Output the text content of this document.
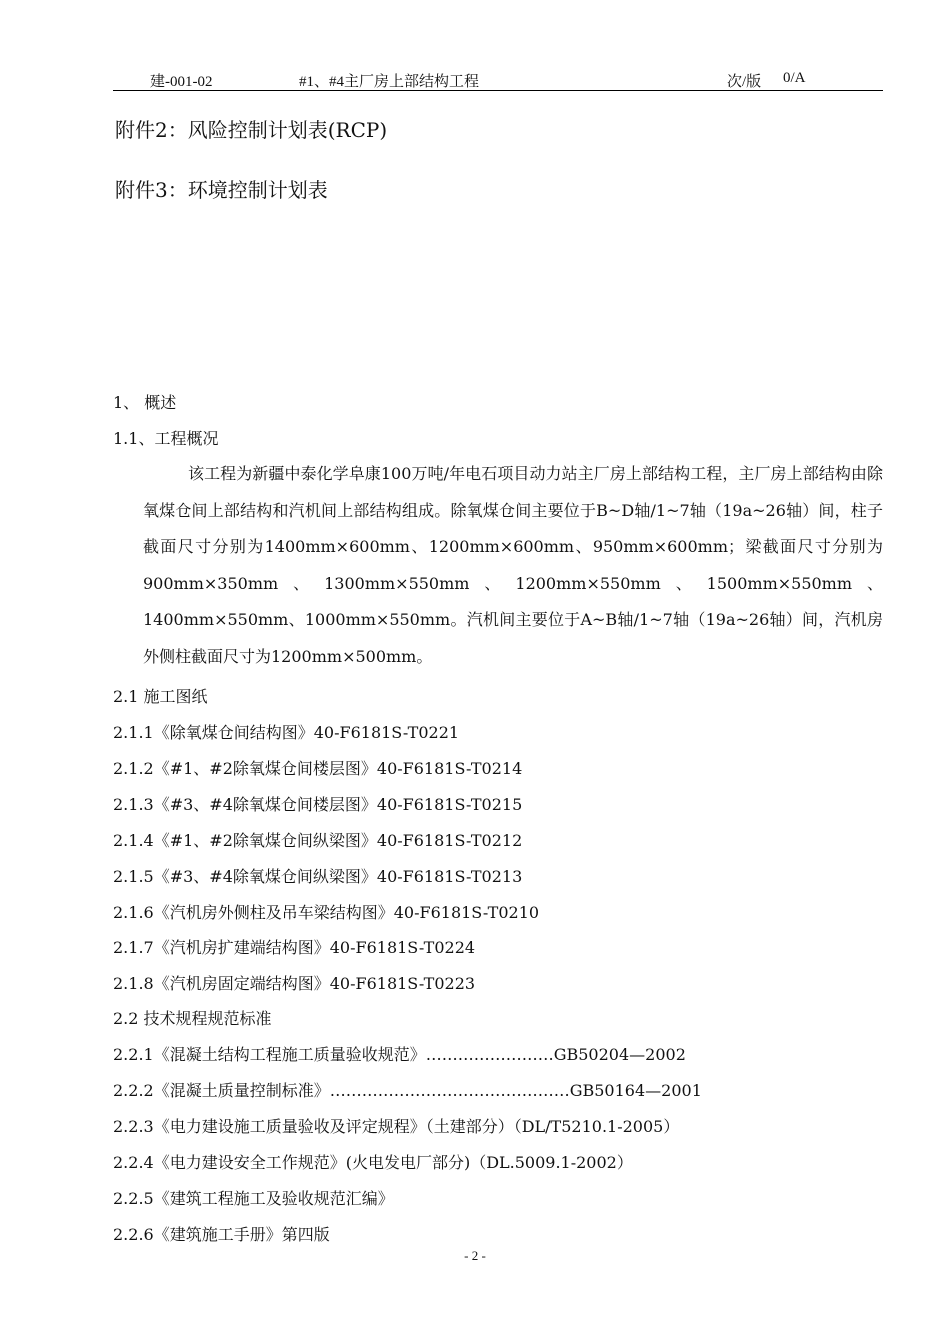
建-001-02	#1、#4主厂房上部结构工程	次/版 0/A
附件2：风险控制计划表(RCP)
附件3：环境控制计划表
1、 概述
1.1、工程概况
该工程为新疆中泰化学阜康100万吨/年电石项目动力站主厂房上部结构工程，主厂房上部结构由除氧煤仓间上部结构和汽机间上部结构组成。除氧煤仓间主要位于B~D轴/1~7轴（19a~26轴）间，柱子截面尺寸分别为1400mm×600mm、1200mm×600mm、950mm×600mm；梁截面尺寸分别为900mm×350mm、1300mm×550mm、1200mm×550mm、1500mm×550mm、1400mm×550mm、1000mm×550mm。汽机间主要位于A~B轴/1~7轴（19a~26轴）间，汽机房外侧柱截面尺寸为1200mm×500mm。
2.1 施工图纸
2.1.1《除氧煤仓间结构图》40-F6181S-T0221
2.1.2《#1、#2除氧煤仓间楼层图》40-F6181S-T0214
2.1.3《#3、#4除氧煤仓间楼层图》40-F6181S-T0215
2.1.4《#1、#2除氧煤仓间纵梁图》40-F6181S-T0212
2.1.5《#3、#4除氧煤仓间纵梁图》40-F6181S-T0213
2.1.6《汽机房外侧柱及吊车梁结构图》40-F6181S-T0210
2.1.7《汽机房扩建端结构图》40-F6181S-T0224
2.1.8《汽机房固定端结构图》40-F6181S-T0223
2.2 技术规程规范标准
2.2.1《混凝土结构工程施工质量验收规范》……………………GB50204—2002
2.2.2《混凝土质量控制标准》………………………………………GB50164—2001
2.2.3《电力建设施工质量验收及评定规程》（土建部分）（DL/T5210.1-2005）
2.2.4《电力建设安全工作规范》(火电发电厂部分)（DL.5009.1-2002）
2.2.5《建筑工程施工及验收规范汇编》
2.2.6《建筑施工手册》第四版
- 2 -
